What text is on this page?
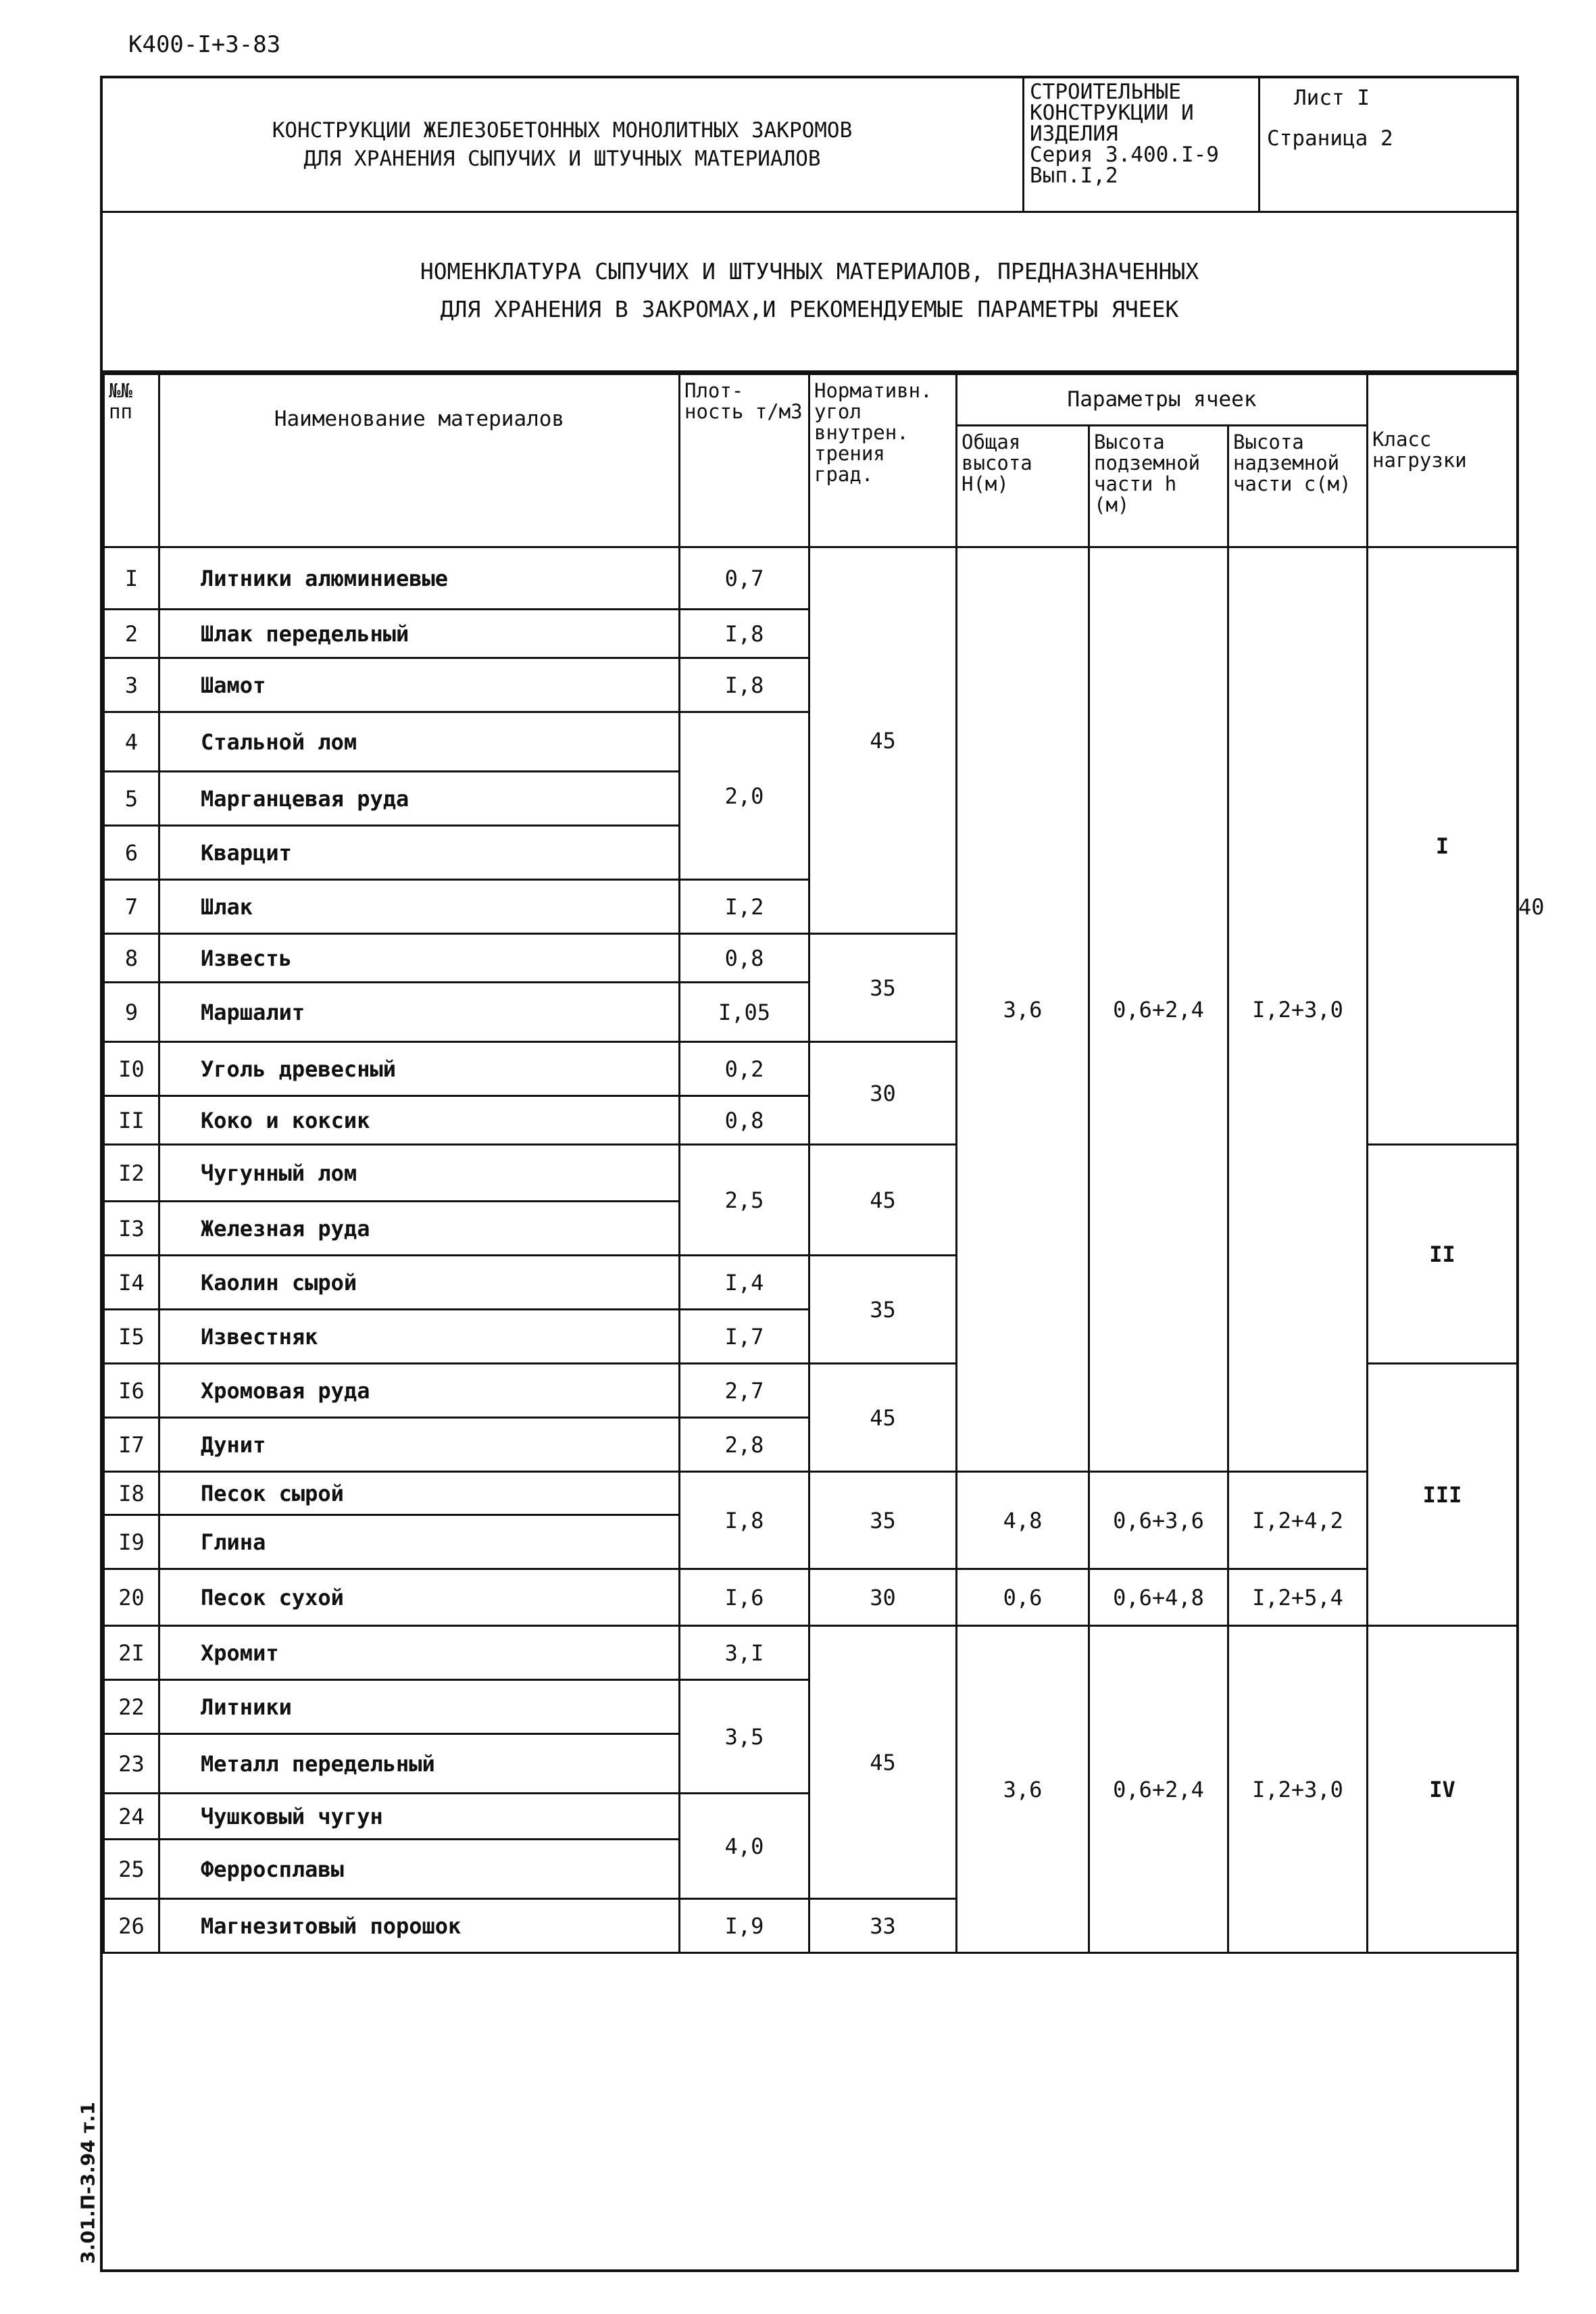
К400-I+3-83
КОНСТРУКЦИИ ЖЕЛЕЗОБЕТОННЫХ МОНОЛИТНЫХ ЗАКРОМОВ
ДЛЯ ХРАНЕНИЯ СЫПУЧИХ И ШТУЧНЫХ МАТЕРИАЛОВ

СТРОИТЕЛЬНЫЕ
КОНСТРУКЦИИ И
ИЗДЕЛИЯ
Серия 3.400.I-9
Вып.I,2

Лист I
Страница 2
НОМЕНКЛАТУРА СЫПУЧИХ И ШТУЧНЫХ МАТЕРИАЛОВ, ПРЕДНАЗНАЧЕННЫХ
ДЛЯ ХРАНЕНИЯ В ЗАКРОМАХ,И РЕКОМЕНДУЕМЫЕ ПАРАМЕТРЫ ЯЧЕЕК
№№ пп	Наименование материалов	Плот- ность т/м3	Нормативн. угол внутрен. трения град.	Параметры ячеек			Класс нагрузки	
				Общая высота Н(м)	Высота подземной части h (м)	Высота надземной части с(м)		
I	Литники алюминиевые	0,7	45	3,6	0,6+2,4	I,2+3,0	I	
2	Шлак передельный	I,8						
3	Шамот	I,8						
4	Стальной лом	2,0						
5	Марганцевая руда							
6	Кварцит							
7	Шлак	I,2						40
8	Известь	0,8	35					
9	Маршалит	I,05						
I0	Уголь древесный	0,2	30					
II	Коко и коксик	0,8						
I2	Чугунный лом	2,5	45				II	
I3	Железная руда							
I4	Каолин сырой	I,4	35					
I5	Известняк	I,7						
I6	Хромовая руда	2,7	45				III	
I7	Дунит	2,8						
I8	Песок сырой	I,8	35	4,8	0,6+3,6	I,2+4,2		
I9	Глина							
20	Песок сухой	I,6	30	0,6	0,6+4,8	I,2+5,4		
2I	Хромит	3,I	45	3,6	0,6+2,4	I,2+3,0	IV	
22	Литники	3,5						
23	Металл передельный							
24	Чушковый чугун	4,0						
25	Ферросплавы							
26	Магнезитовый порошок	I,9	33					
3.01.П-3.94 т.1
